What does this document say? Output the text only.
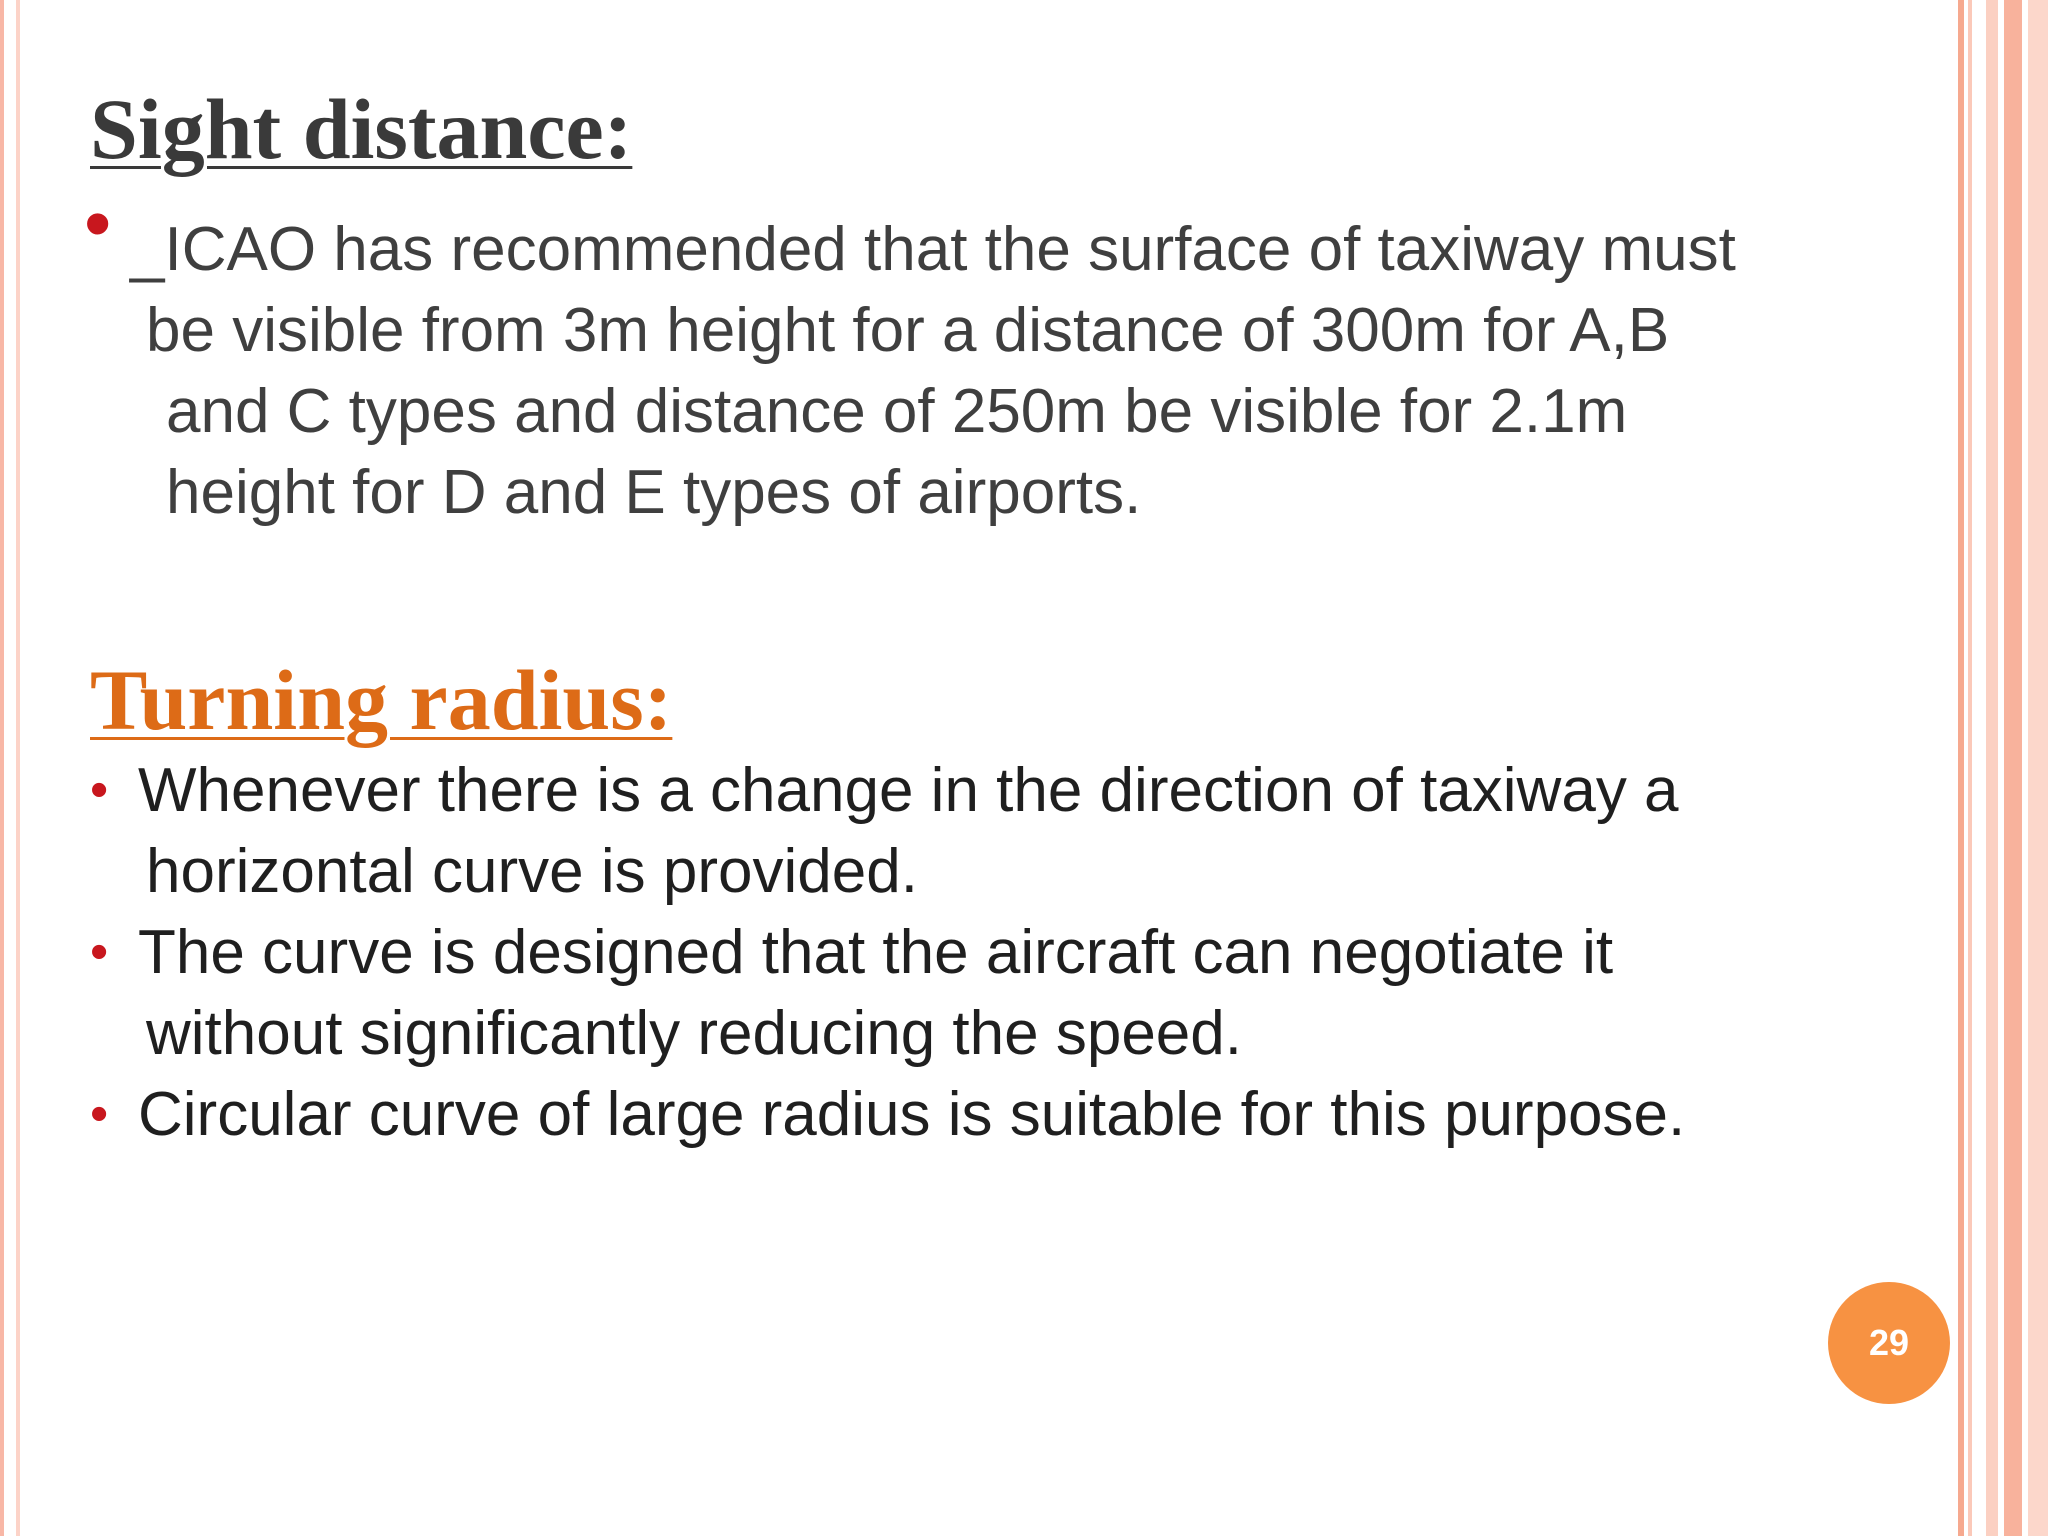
Sight distance:
• _ICAO has recommended that the surface of taxiway must
be visible from 3m height for a distance of 300m for A,B
and C types and distance of 250m be visible for 2.1m
height for D and E types of airports.
Turning radius:
• Whenever there is a change in the direction of taxiway a
horizontal curve is provided.
• The curve is designed that the aircraft can negotiate it
without significantly reducing the speed.
• Circular curve of large radius is suitable for this purpose.
29
